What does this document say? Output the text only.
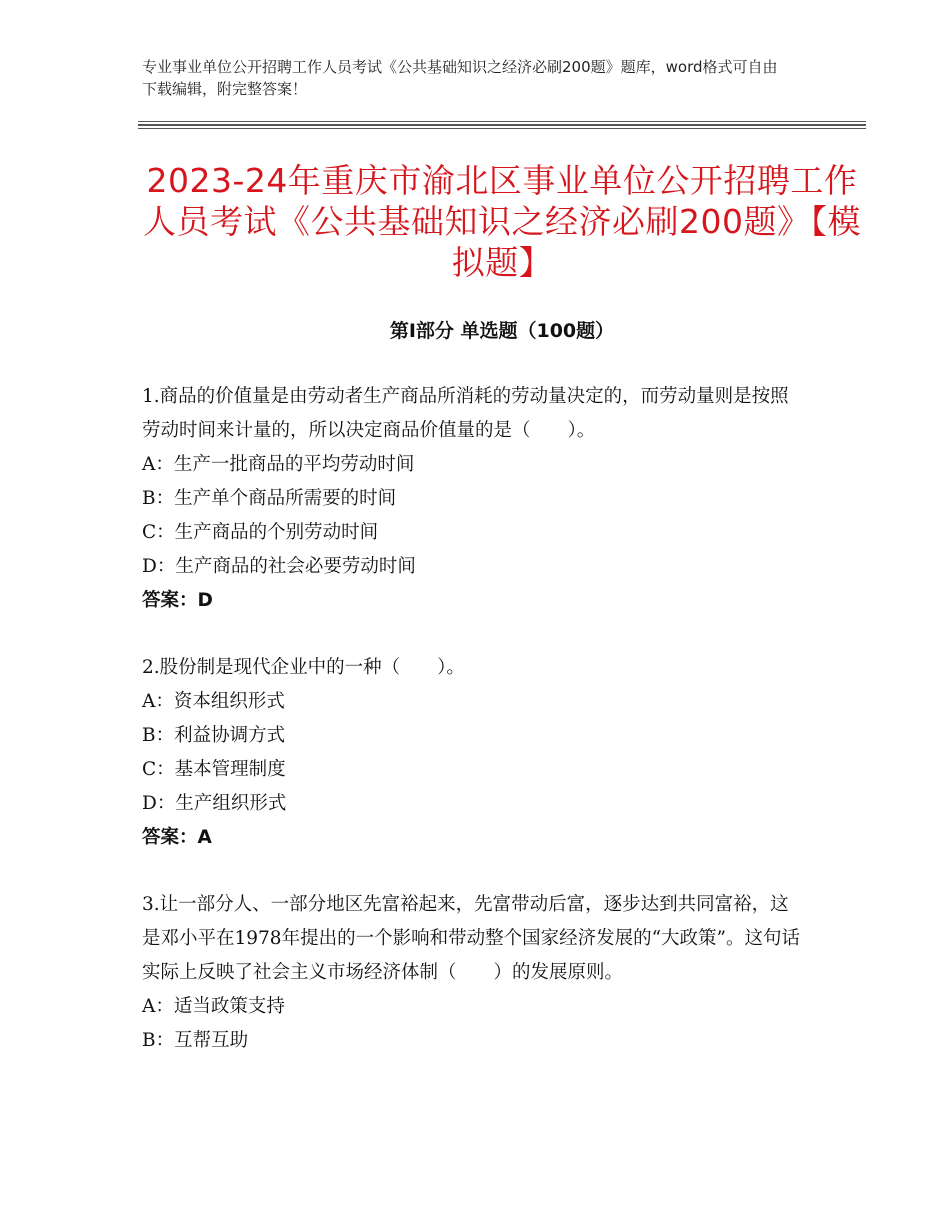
专业事业单位公开招聘工作人员考试《公共基础知识之经济必刷200题》题库，word格式可自由下载编辑，附完整答案！
2023-24年重庆市渝北区事业单位公开招聘工作人员考试《公共基础知识之经济必刷200题》【模拟题】
第I部分 单选题（100题）

1.商品的价值量是由劳动者生产商品所消耗的劳动量决定的，而劳动量则是按照劳动时间来计量的，所以决定商品价值量的是（　　）。

A：生产一批商品的平均劳动时间

B：生产单个商品所需要的时间

C：生产商品的个别劳动时间

D：生产商品的社会必要劳动时间

答案：D

2.股份制是现代企业中的一种（　　）。

A：资本组织形式

B：利益协调方式

C：基本管理制度

D：生产组织形式

答案：A

3.让一部分人、一部分地区先富裕起来，先富带动后富，逐步达到共同富裕，这是邓小平在1978年提出的一个影响和带动整个国家经济发展的“大政策”。这句话实际上反映了社会主义市场经济体制（　　）的发展原则。

A：适当政策支持

B：互帮互助
